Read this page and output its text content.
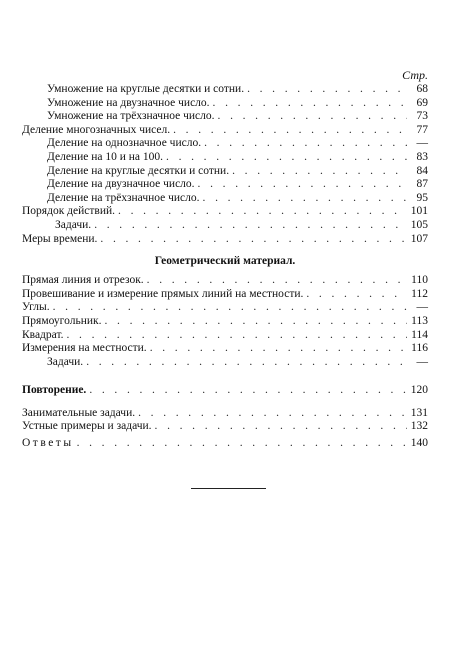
Стр.
Умножение на круглые десятки и сотни. . . .	68
Умножение на двузначное число. . . .	69
Умножение на трёхзначное число. . . .	73
Деление многозначных чисел. . . .	77
Деление на однозначное число. . . .	—
Деление на 10 и на 100. . . .	83
Деление на круглые десятки и сотни. . . .	84
Деление на двузначное число. . . .	87
Деление на трёхзначное число. . . .	95
Порядок действий. . . .	101
Задачи. . . .	105
Меры времени. . . .	107
Геометрический материал.
Прямая линия и отрезок. . . .	110
Провешивание и измерение прямых линий на местности. . . .	112
Углы. . . .	—
Прямоугольник. . . .	113
Квадрат. . . .	114
Измерения на местности. . . .	116
Задачи. . . .	—
Повторение. . . .	120
Занимательные задачи. . . .	131
Устные примеры и задачи. . . .	132
Ответы . . .	140
